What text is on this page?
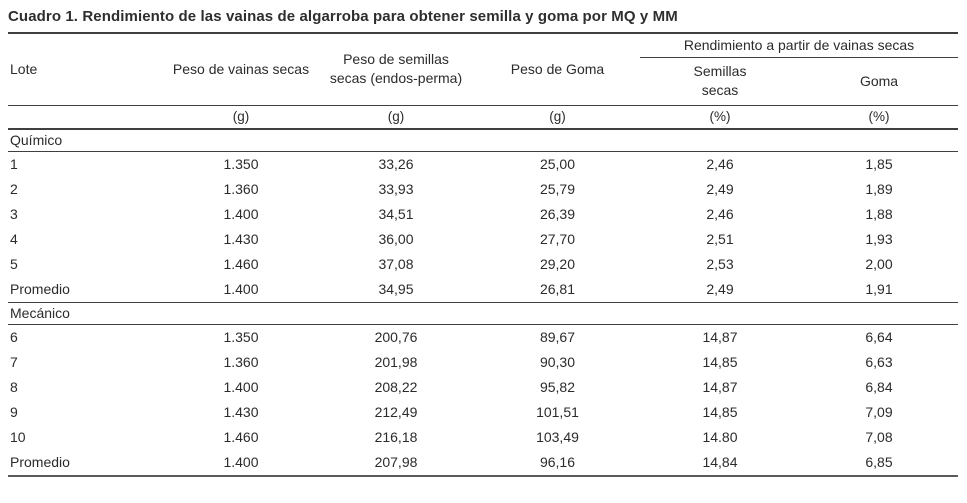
Cuadro 1. Rendimiento de las vainas de algarroba para obtener semilla y goma por MQ y MM
Lote	Peso de vainas secas	Peso de semillas secas (endos-perma)	Peso de Goma	Rendimiento a partir de vainas secas	
				Semillas secas	Goma
	(g)	(g)	(g)	(%)	(%)
Químico					
1	1.350	33,26	25,00	2,46	1,85
2	1.360	33,93	25,79	2,49	1,89
3	1.400	34,51	26,39	2,46	1,88
4	1.430	36,00	27,70	2,51	1,93
5	1.460	37,08	29,20	2,53	2,00
Promedio	1.400	34,95	26,81	2,49	1,91
Mecánico					
6	1.350	200,76	89,67	14,87	6,64
7	1.360	201,98	90,30	14,85	6,63
8	1.400	208,22	95,82	14,87	6,84
9	1.430	212,49	101,51	14,85	7,09
10	1.460	216,18	103,49	14.80	7,08
Promedio	1.400	207,98	96,16	14,84	6,85
